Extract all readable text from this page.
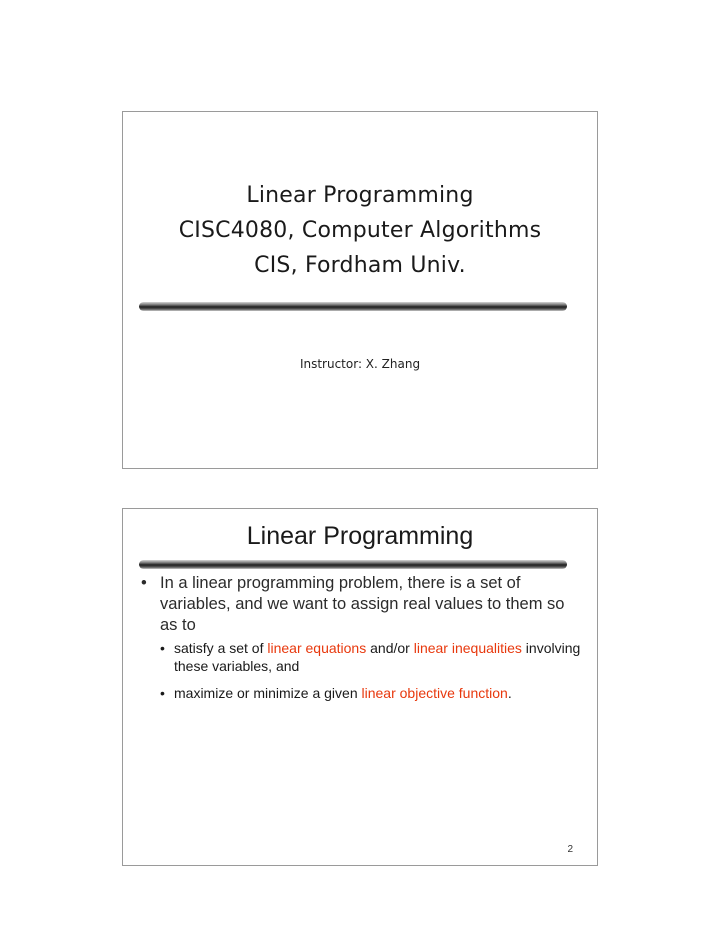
Linear Programming
CISC4080, Computer Algorithms
CIS, Fordham Univ.
Instructor: X. Zhang
Linear Programming
• In a linear programming problem, there is a set of variables, and we want to assign real values to them so as to
• satisfy a set of linear equations and/or linear inequalities involving these variables, and
• maximize or minimize a given linear objective function.
2
